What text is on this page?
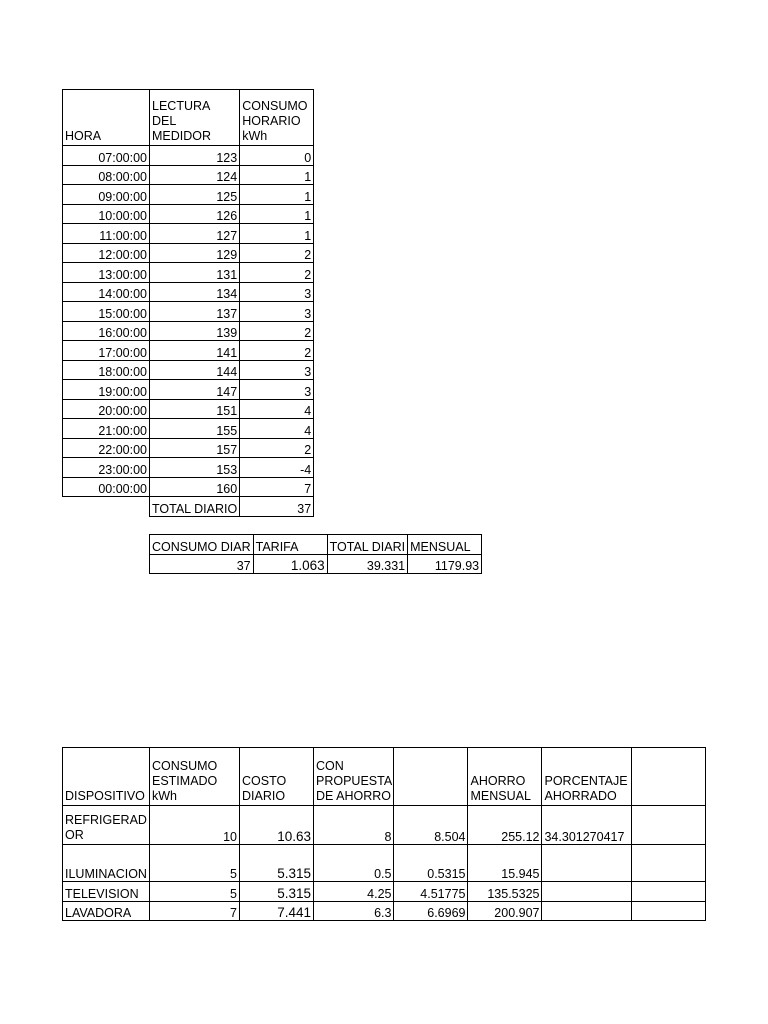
HORA	LECTURA DEL MEDIDOR	CONSUMO HORARIO kWh
07:00:00	123	0
08:00:00	124	1
09:00:00	125	1
10:00:00	126	1
11:00:00	127	1
12:00:00	129	2
13:00:00	131	2
14:00:00	134	3
15:00:00	137	3
16:00:00	139	2
17:00:00	141	2
18:00:00	144	3
19:00:00	147	3
20:00:00	151	4
21:00:00	155	4
22:00:00	157	2
23:00:00	153	-4
00:00:00	160	7
	TOTAL DIARIO	37
CONSUMO DIAR	TARIFA	TOTAL DIARI	MENSUAL
37	1.063	39.331	1179.93
DISPOSITIVO	CONSUMO ESTIMADO kWh	COSTO DIARIO	CON PROPUESTA DE AHORRO		AHORRO MENSUAL	PORCENTAJE AHORRADO	
REFRIGERADOR	10	10.63	8	8.504	255.12	34.301270417	
ILUMINACION	5	5.315	0.5	0.5315	15.945		
TELEVISION	5	5.315	4.25	4.51775	135.5325		
LAVADORA	7	7.441	6.3	6.6969	200.907		
